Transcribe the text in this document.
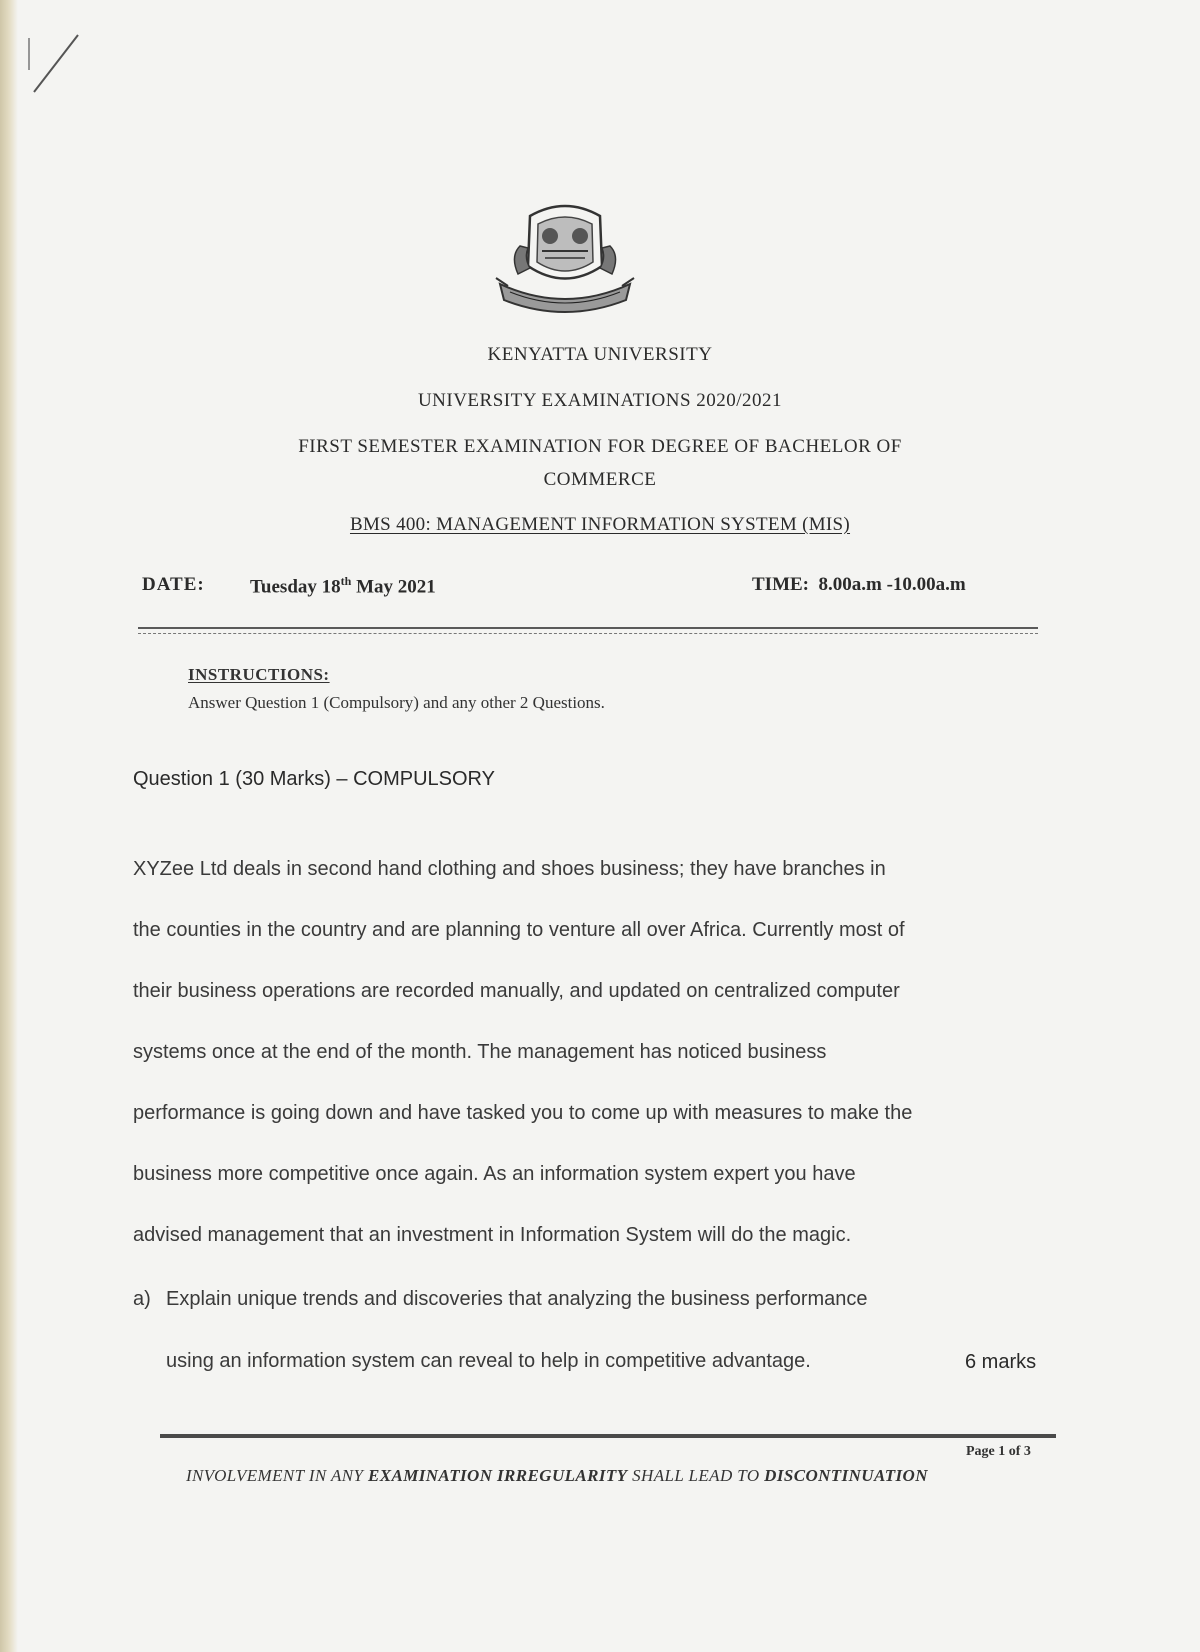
KENYATTA UNIVERSITY
UNIVERSITY EXAMINATIONS 2020/2021
FIRST SEMESTER EXAMINATION FOR DEGREE OF BACHELOR OF
COMMERCE
BMS 400: MANAGEMENT INFORMATION SYSTEM (MIS)
DATE: Tuesday 18th May 2021	TIME: 8.00a.m -10.00a.m
INSTRUCTIONS:
Answer Question 1 (Compulsory) and any other 2 Questions.
Question 1 (30 Marks) – COMPULSORY
XYZee Ltd deals in second hand clothing and shoes business; they have branches in
the counties in the country and are planning to venture all over Africa. Currently most of
their business operations are recorded manually, and updated on centralized computer
systems once at the end of the month. The management has noticed business
performance is going down and have tasked you to come up with measures to make the
business more competitive once again. As an information system expert you have
advised management that an investment in Information System will do the magic.
a) Explain unique trends and discoveries that analyzing the business performance
using an information system can reveal to help in competitive advantage.	6 marks
Page 1 of 3
INVOLVEMENT IN ANY EXAMINATION IRREGULARITY SHALL LEAD TO DISCONTINUATION
